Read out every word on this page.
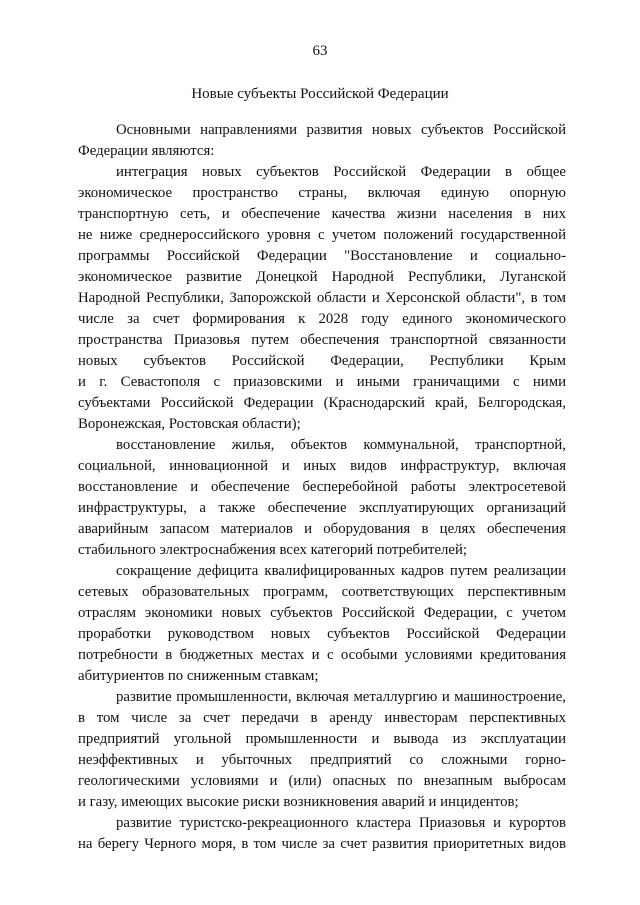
63
Новые субъекты Российской Федерации
Основными направлениями развития новых субъектов Российской
Федерации являются:
интеграция новых субъектов Российской Федерации в общее
экономическое пространство страны, включая единую опорную
транспортную сеть, и обеспечение качества жизни населения в них
не ниже среднероссийского уровня с учетом положений государственной
программы Российской Федерации "Восстановление и социально-
экономическое развитие Донецкой Народной Республики, Луганской
Народной Республики, Запорожской области и Херсонской области", в том
числе за счет формирования к 2028 году единого экономического
пространства Приазовья путем обеспечения транспортной связанности
новых субъектов Российской Федерации, Республики Крым
и г. Севастополя с приазовскими и иными граничащими с ними
субъектами Российской Федерации (Краснодарский край, Белгородская,
Воронежская, Ростовская области);
восстановление жилья, объектов коммунальной, транспортной,
социальной, инновационной и иных видов инфраструктур, включая
восстановление и обеспечение бесперебойной работы электросетевой
инфраструктуры, а также обеспечение эксплуатирующих организаций
аварийным запасом материалов и оборудования в целях обеспечения
стабильного электроснабжения всех категорий потребителей;
сокращение дефицита квалифицированных кадров путем реализации
сетевых образовательных программ, соответствующих перспективным
отраслям экономики новых субъектов Российской Федерации, с учетом
проработки руководством новых субъектов Российской Федерации
потребности в бюджетных местах и с особыми условиями кредитования
абитуриентов по сниженным ставкам;
развитие промышленности, включая металлургию и машиностроение,
в том числе за счет передачи в аренду инвесторам перспективных
предприятий угольной промышленности и вывода из эксплуатации
неэффективных и убыточных предприятий со сложными горно-
геологическими условиями и (или) опасных по внезапным выбросам
и газу, имеющих высокие риски возникновения аварий и инцидентов;
развитие туристско-рекреационного кластера Приазовья и курортов
на берегу Черного моря, в том числе за счет развития приоритетных видов
